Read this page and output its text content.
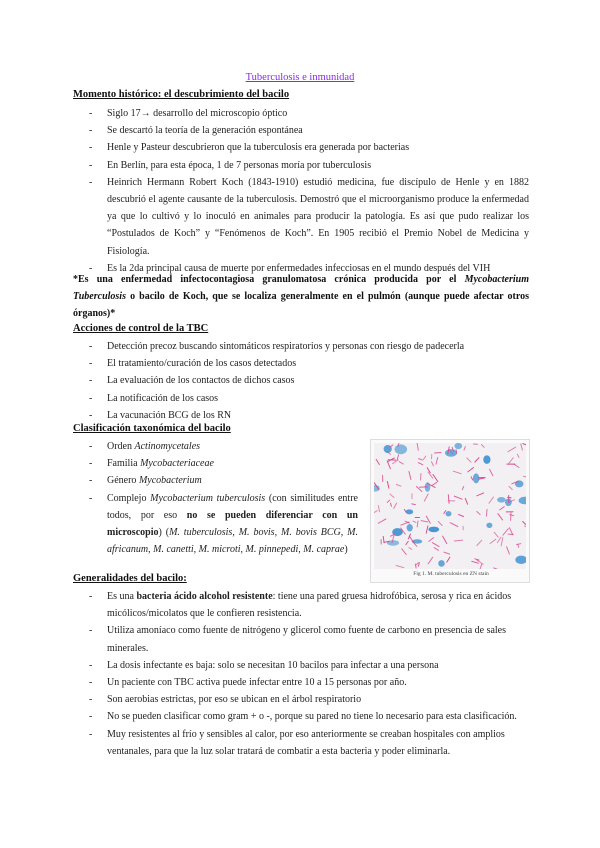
Tuberculosis e inmunidad
Momento histórico: el descubrimiento del bacilo
- Siglo 17→ desarrollo del microscopio óptico
- Se descartó la teoría de la generación espontánea
- Henle y Pasteur descubrieron que la tuberculosis era generada por bacterias
- En Berlín, para esta época, 1 de 7 personas moría por tuberculosis
- Heinrich Hermann Robert Koch (1843-1910) estudió medicina, fue discípulo de Henle y en 1882 descubrió el agente causante de la tuberculosis. Demostró que el microorganismo produce la enfermedad ya que lo cultivó y lo inoculó en animales para producir la patología. Es así que pudo realizar los “Postulados de Koch” y “Fenómenos de Koch”. En 1905 recibió el Premio Nobel de Medicina y Fisiología.
- Es la 2da principal causa de muerte por enfermedades infecciosas en el mundo después del VIH
*Es una enfermedad infectocontagiosa granulomatosa crónica producida por el Mycobacterium Tuberculosis o bacilo de Koch, que se localiza generalmente en el pulmón (aunque puede afectar otros órganos)*
Acciones de control de la TBC
- Detección precoz buscando sintomáticos respiratorios y personas con riesgo de padecerla
- El tratamiento/curación de los casos detectados
- La evaluación de los contactos de dichos casos
- La notificación de los casos
- La vacunación BCG de los RN
Clasificación taxonómica del bacilo
- Orden Actinomycetales
- Familia Mycobacteriaceae
- Género Mycobacterium
- Complejo Mycobacterium tuberculosis (con similitudes entre todos, por eso no se pueden diferenciar con un microscopio) (M. tuberculosis, M. bovis, M. bovis BCG, M. africanum, M. canetti, M. microti, M. pinnepedi, M. caprae)
Fig 1. M. tuberculosis en ZN stain
Generalidades del bacilo:
- Es una bacteria ácido alcohol resistente: tiene una pared gruesa hidrofóbica, serosa y rica en ácidos micólicos/micolatos que le confieren resistencia.
- Utiliza amoníaco como fuente de nitrógeno y glicerol como fuente de carbono en presencia de sales minerales.
- La dosis infectante es baja: solo se necesitan 10 bacilos para infectar a una persona
- Un paciente con TBC activa puede infectar entre 10 a 15 personas por año.
- Son aerobias estrictas, por eso se ubican en el árbol respiratorio
- No se pueden clasificar como gram + o -, porque su pared no tiene lo necesario para esta clasificación.
- Muy resistentes al frío y sensibles al calor, por eso anteriormente se creaban hospitales con amplios ventanales, para que la luz solar tratará de combatir a esta bacteria y poder eliminarla.
